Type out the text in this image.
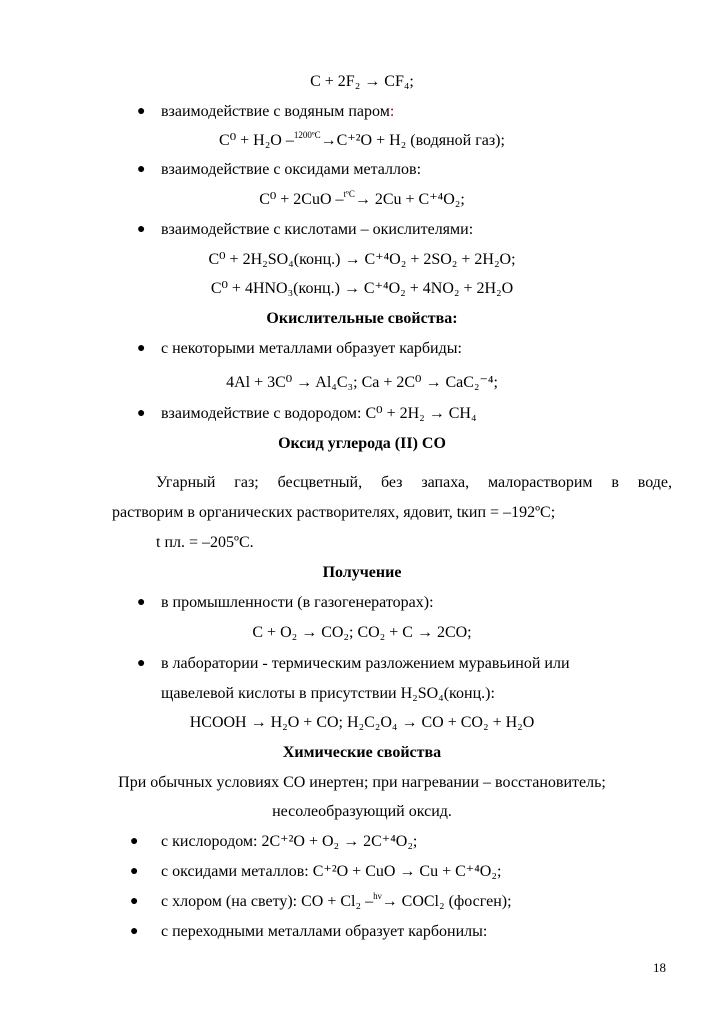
С + 2F₂ → CF₄;
● взаимодействие с водяным паром:
C⁰ + H₂O –$^{1200ºC}$→C⁺²O + H₂ (водяной газ);
● взаимодействие с оксидами металлов:
C⁰ + 2CuO –$^{tºC}$→ 2Cu + C⁺⁴O₂;
● взаимодействие с кислотами – окислителями:
C⁰ + 2H₂SO₄(конц.) → C⁺⁴O₂ + 2SO₂ + 2H₂O;
C⁰ + 4HNO₃(конц.) → C⁺⁴O₂ + 4NO₂ + 2H₂O
Окислительные свойства:
● с некоторыми металлами образует карбиды:
4Al + 3C⁰ → Al₄C₃; Ca + 2C⁰ → CaC₂⁻⁴;
● взаимодействие с водородом: C⁰ + 2H₂ → CH₄
Оксид углерода (II) СО
Угарный газ; бесцветный, без запаха, малорастворим в воде,
растворим в органических растворителях, ядовит, tкип = –192ºC;
t пл. = –205ºC.
Получение
● в промышленности (в газогенераторах):
C + O₂ → CO₂; CO₂ + C → 2CO;
● в лаборатории - термическим разложением муравьиной или
щавелевой кислоты в присутствии H₂SO₄(конц.):
HCOOH → H₂O + CO; H₂C₂O₄ → CO + CO₂ + H₂O
Химические свойства
При обычных условиях CO инертен; при нагревании – восстановитель;
несолеобразующий оксид.
● с кислородом: 2C⁺²O + O₂ → 2C⁺⁴O₂;
● с оксидами металлов: C⁺²O + CuO → Cu + C⁺⁴O₂;
● с хлором (на свету): CO + Cl₂ –$^{h\nu}$→ COCl₂ (фосген);
● с переходными металлами образует карбонилы:
18
